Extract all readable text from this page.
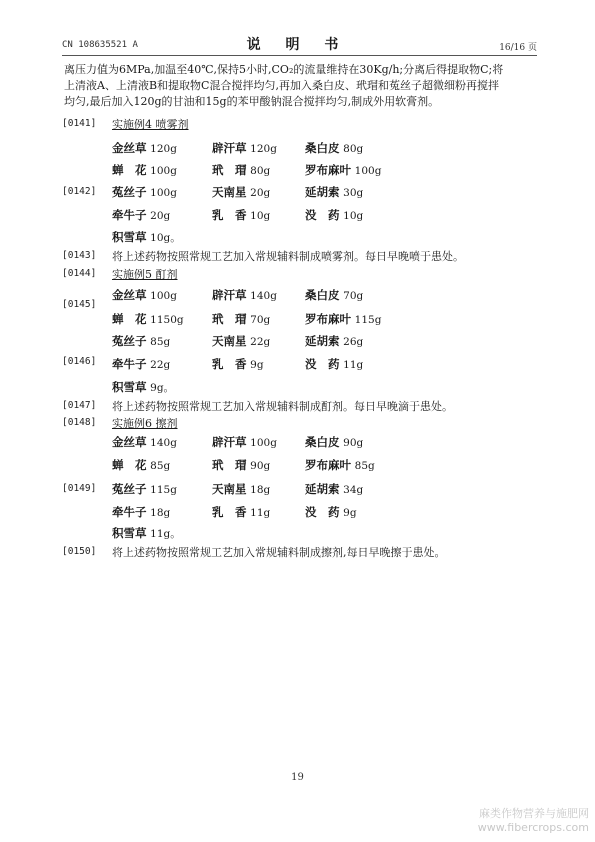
CN 108635521 A	说 明 书	16/16 页
离压力值为6MPa,加温至40℃,保持5小时,CO₂的流量维持在30Kg/h;分离后得提取物C;将
上清液A、上清液B和提取物C混合搅拌均匀,再加入桑白皮、玳瑁和菟丝子超微细粉再搅拌
均匀,最后加入120g的甘油和15g的苯甲酸钠混合搅拌均匀,制成外用软膏剂。
[0141] 实施例4 喷雾剂
金丝草 120g	辟汗草 120g 桑白皮 80g
蝉　花 100g	玳　瑁 80g	罗布麻叶 100g
[0142] 菟丝子 100g	天南星 20g	延胡索 30g
牵牛子 20g	乳　香 10g	没　药 10g
积雪草 10g。
[0143] 将上述药物按照常规工艺加入常规辅料制成喷雾剂。每日早晚喷于患处。
[0144] 实施例5 酊剂
金丝草 100g	辟汗草 140g 桑白皮 70g
[0145]
蝉　花 1150g 玳　瑁 70g	罗布麻叶 115g
菟丝子 85g	天南星 22g	延胡索 26g
[0146] 牵牛子 22g	乳　香 9g	没　药 11g
积雪草 9g。
[0147] 将上述药物按照常规工艺加入常规辅料制成酊剂。每日早晚滴于患处。
[0148] 实施例6 擦剂
金丝草 140g	辟汗草 100g 桑白皮 90g
蝉　花 85g	玳　瑁 90g	罗布麻叶 85g
[0149] 菟丝子 115g	天南星 18g	延胡索 34g
牵牛子 18g	乳　香 11g	没　药 9g
积雪草 11g。
[0150] 将上述药物按照常规工艺加入常规辅料制成擦剂,每日早晚擦于患处。
19
麻类作物营养与施肥网
www.fibercrops.com
